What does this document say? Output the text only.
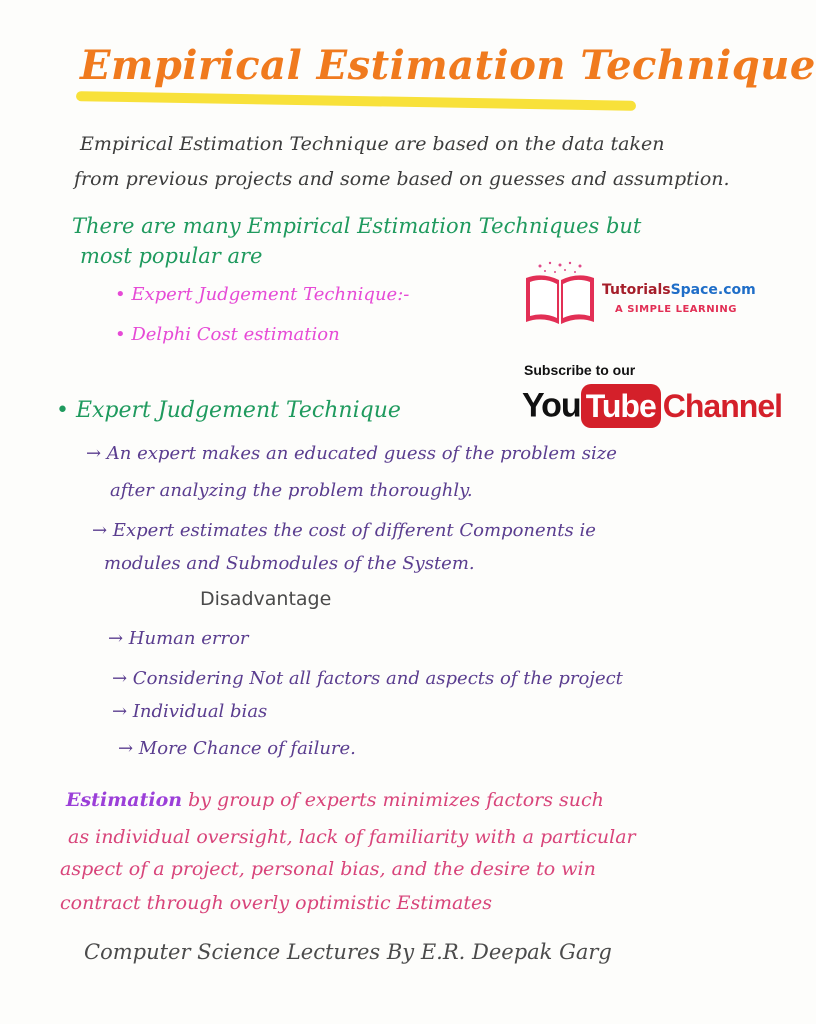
Empirical Estimation Technique
Empirical Estimation Technique are based on the data taken
from previous projects and some based on guesses and assumption.
There are many Empirical Estimation Techniques but
most popular are
• Expert Judgement Technique:-
• Delphi Cost estimation
TutorialsSpace.com
A SIMPLE LEARNING
Subscribe to our
You Tube Channel
• Expert Judgement Technique
→ An expert makes an educated guess of the problem size
after analyzing the problem thoroughly.
→ Expert estimates the cost of different Components ie
modules and Submodules of the System.
Disadvantage
→ Human error
→ Considering Not all factors and aspects of the project
→ Individual bias
→ More Chance of failure.
Estimation by group of experts minimizes factors such
as individual oversight, lack of familiarity with a particular
aspect of a project, personal bias, and the desire to win
contract through overly optimistic Estimates
Computer Science Lectures By E.R. Deepak Garg
